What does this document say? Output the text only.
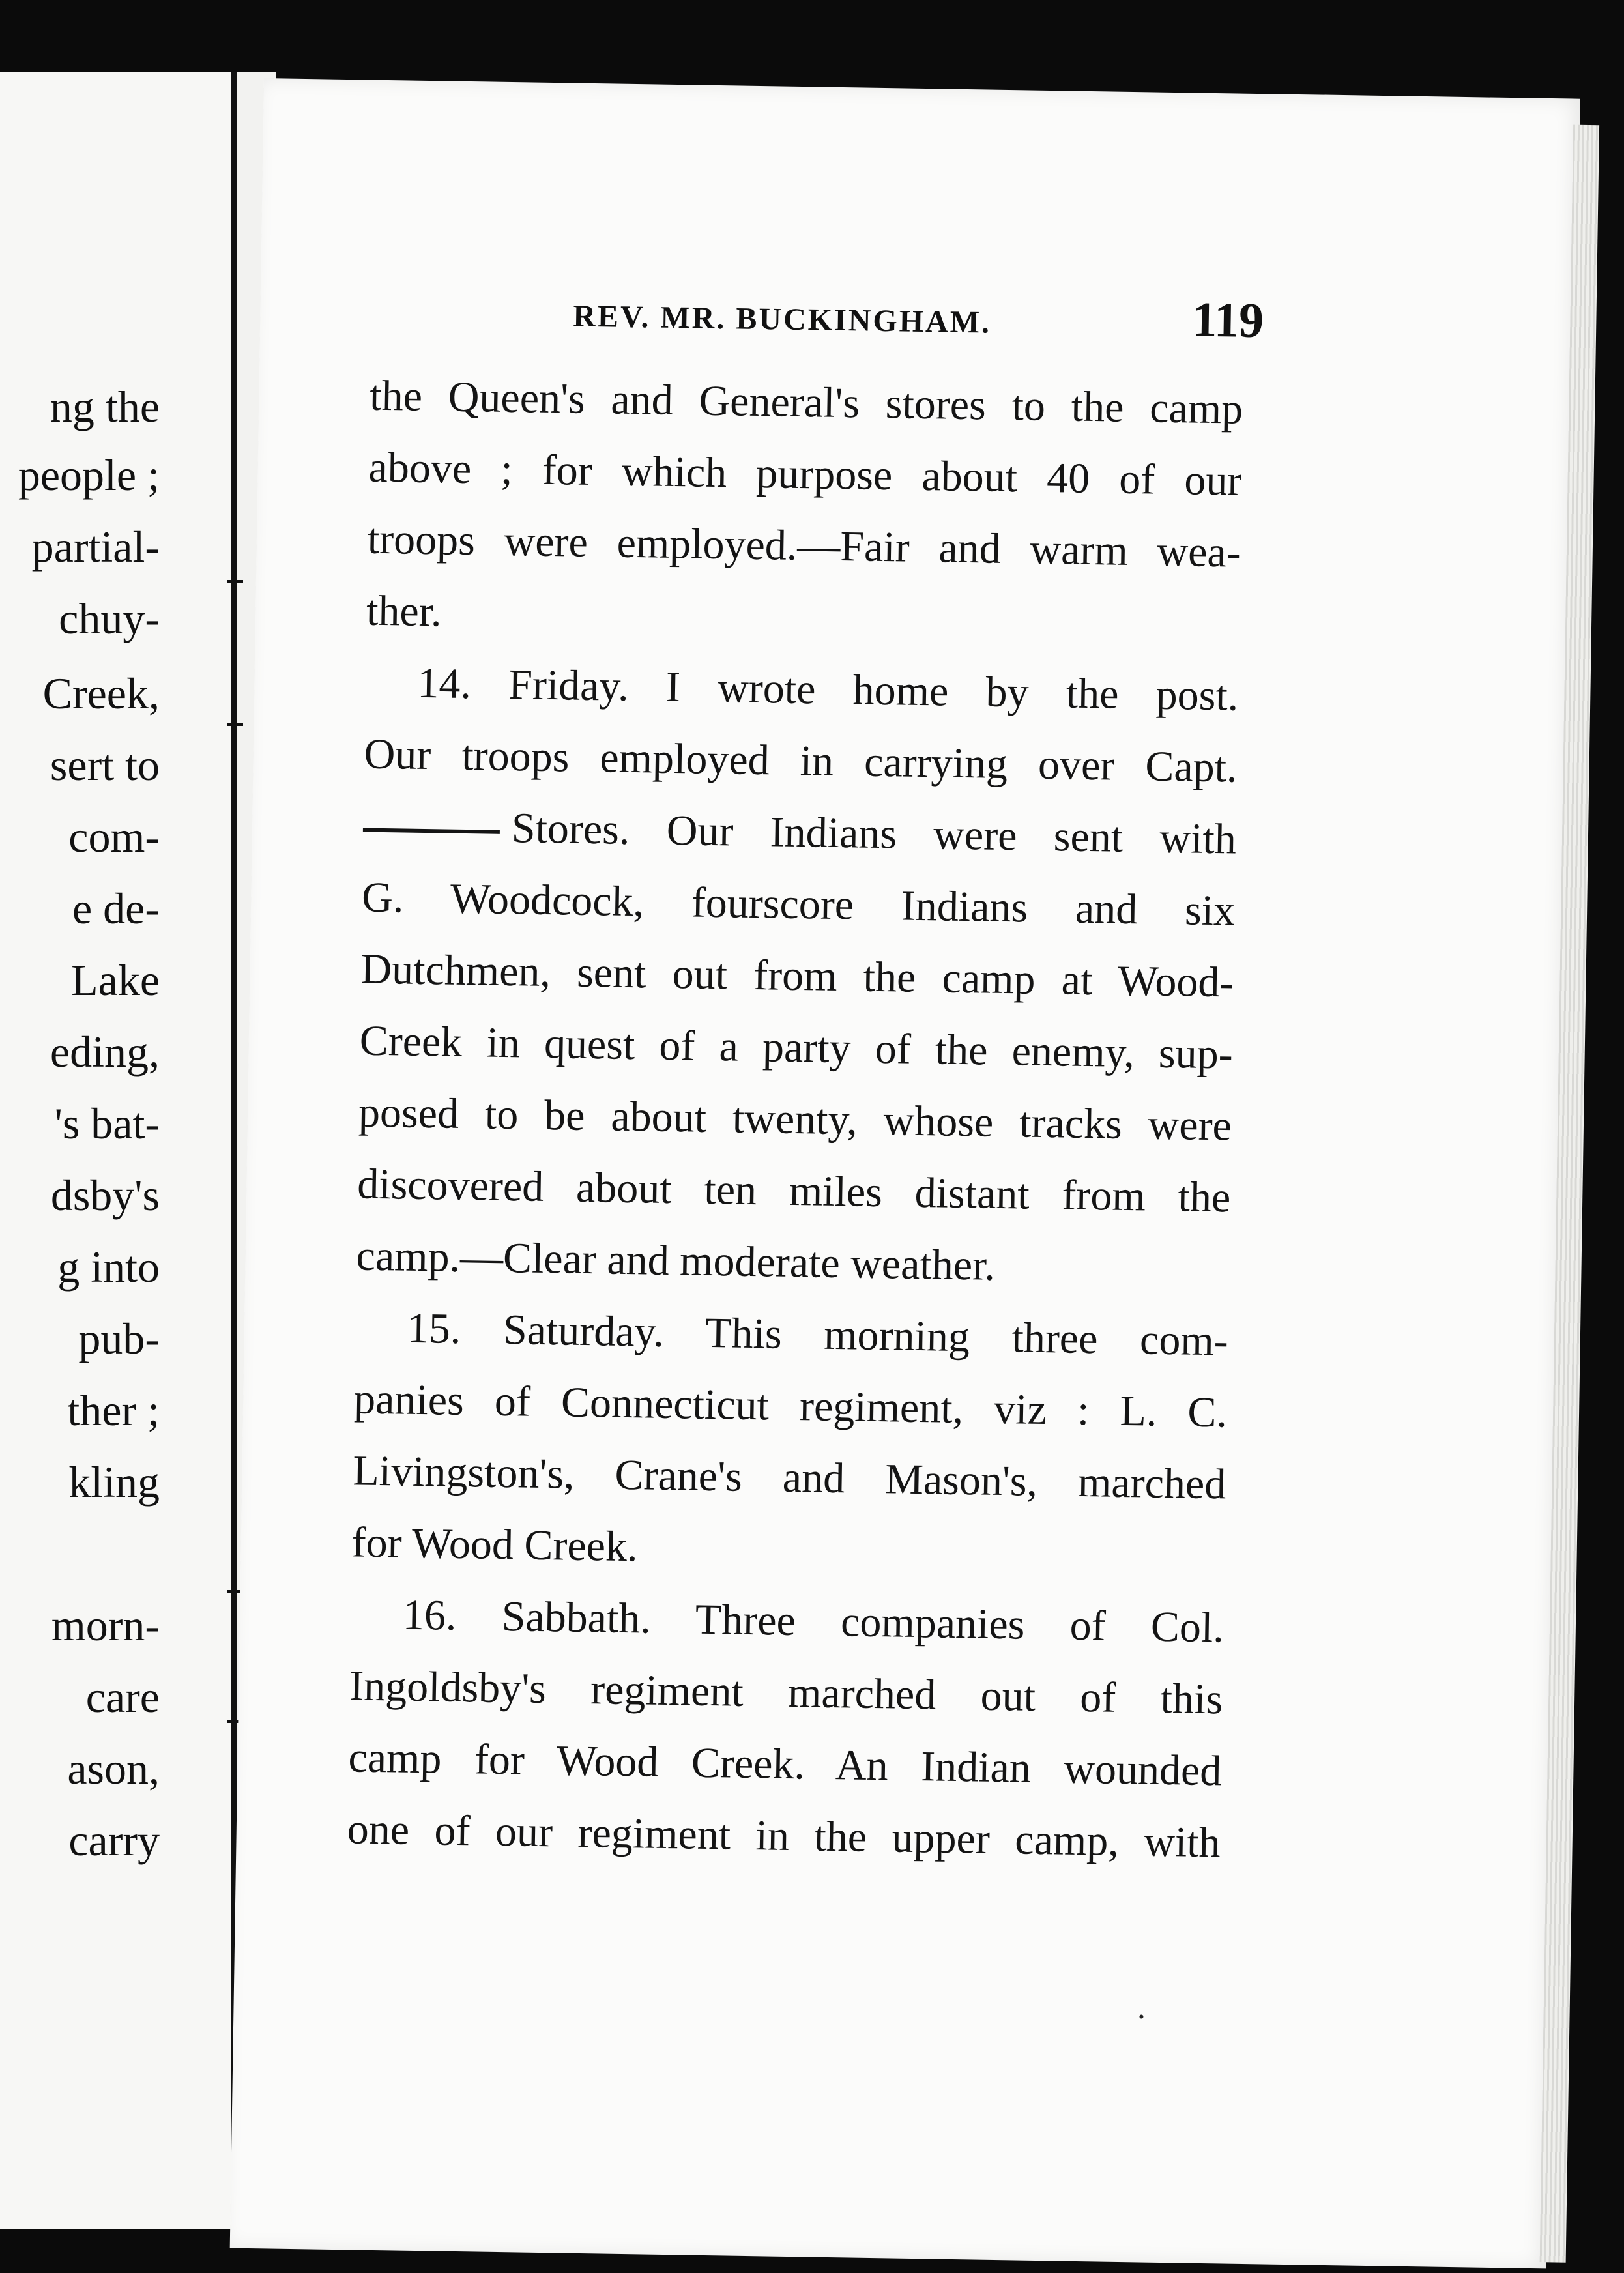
ng the
people ;
partial-
chuy-
Creek,
sert to
com-
e de-
Lake
eding,
's bat-
dsby's
g into
pub-
ther ;
kling
morn-
care
ason,
carry
REV. MR. BUCKINGHAM.	119
the Queen's and General's stores to the camp
above ; for which purpose about 40 of our
troops were employed.—Fair and warm wea-
ther.
14. Friday. I wrote home by the post.
Our troops employed in carrying over Capt.
Stores. Our Indians were sent with
G. Woodcock, fourscore Indians and six
Dutchmen, sent out from the camp at Wood-
Creek in quest of a party of the enemy, sup-
posed to be about twenty, whose tracks were
discovered about ten miles distant from the
camp.—Clear and moderate weather.
15. Saturday. This morning three com-
panies of Connecticut regiment, viz : L. C.
Livingston's, Crane's and Mason's, marched
for Wood Creek.
16. Sabbath. Three companies of Col.
Ingoldsby's regiment marched out of this
camp for Wood Creek. An Indian wounded
one of our regiment in the upper camp, with
